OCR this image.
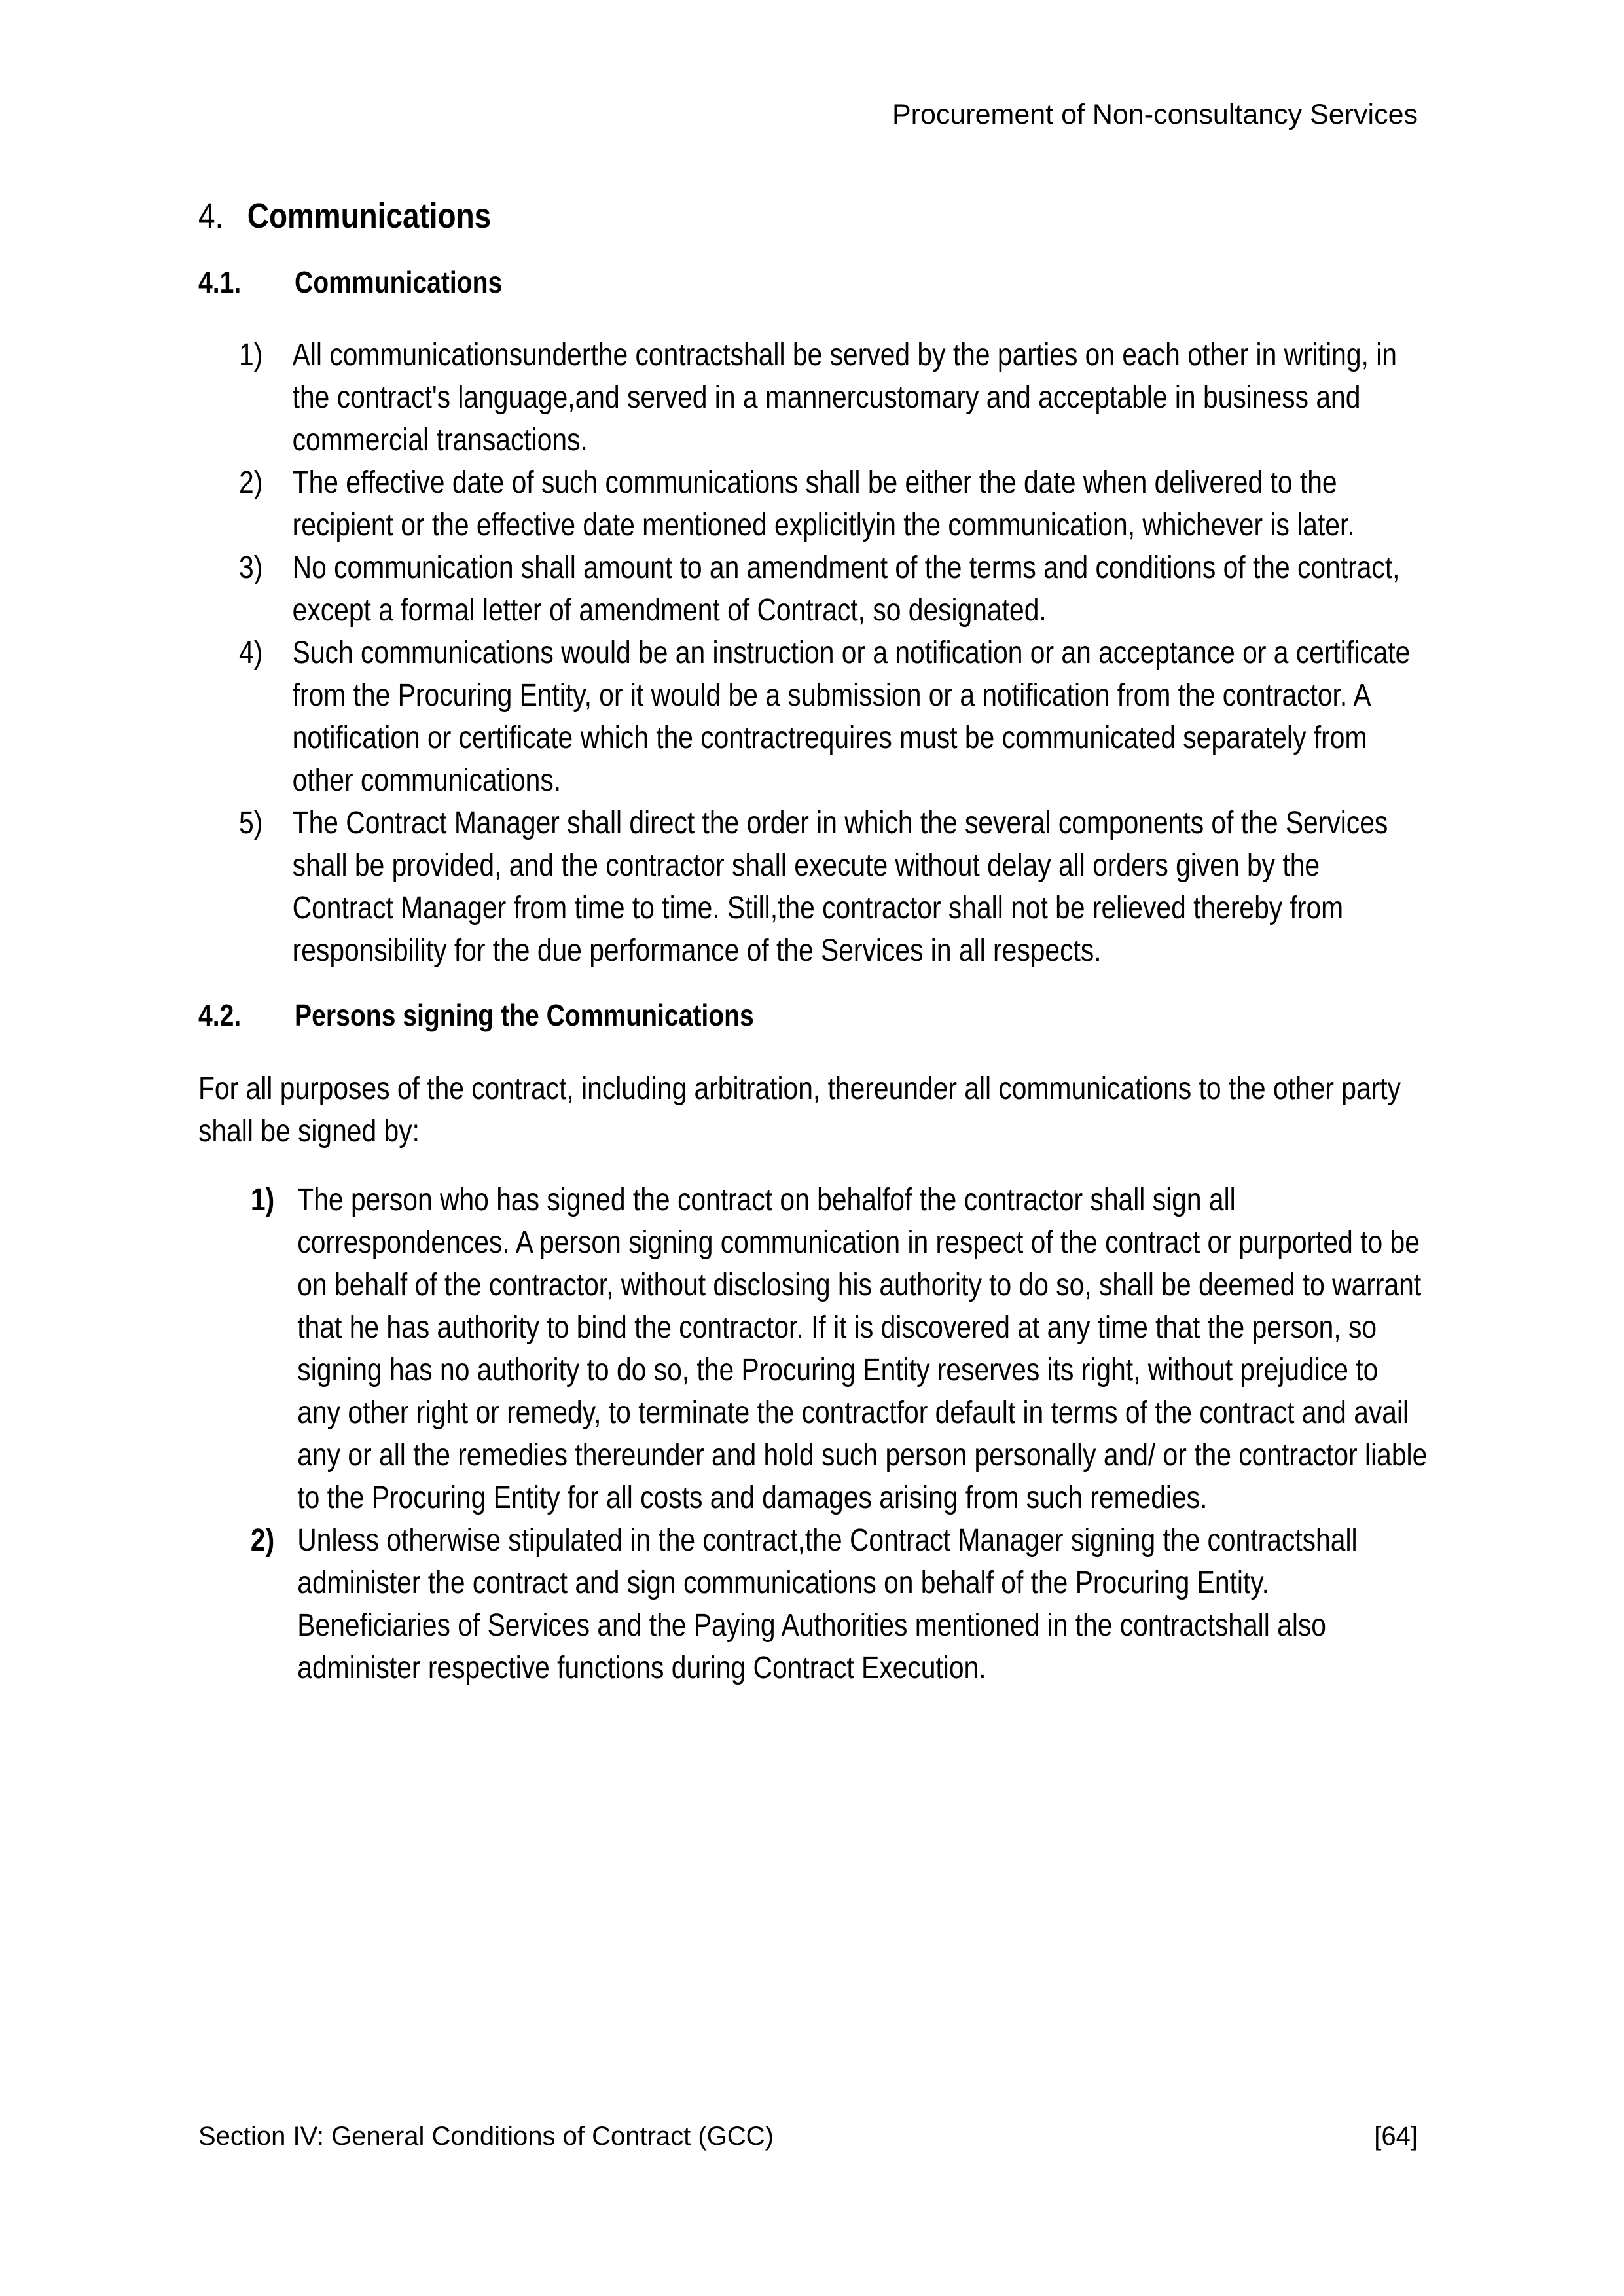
Procurement of Non-consultancy Services
4. Communications
4.1.	Communications
1) All communicationsunderthe contractshall be served by the parties on each other in writing, in the contract's language,and served in a mannercustomary and acceptable in business and commercial transactions.
2) The effective date of such communications shall be either the date when delivered to the recipient or the effective date mentioned explicitlyin the communication, whichever is later.
3) No communication shall amount to an amendment of the terms and conditions of the contract, except a formal letter of amendment of Contract, so designated.
4) Such communications would be an instruction or a notification or an acceptance or a certificate from the Procuring Entity, or it would be a submission or a notification from the contractor. A notification or certificate which the contractrequires must be communicated separately from other communications.
5) The Contract Manager shall direct the order in which the several components of the Services shall be provided, and the contractor shall execute without delay all orders given by the Contract Manager from time to time. Still,the contractor shall not be relieved thereby from responsibility for the due performance of the Services in all respects.
4.2.	Persons signing the Communications
For all purposes of the contract, including arbitration, thereunder all communications to the other party shall be signed by:
1) The person who has signed the contract on behalfof the contractor shall sign all correspondences. A person signing communication in respect of the contract or purported to be on behalf of the contractor, without disclosing his authority to do so, shall be deemed to warrant that he has authority to bind the contractor. If it is discovered at any time that the person, so signing has no authority to do so, the Procuring Entity reserves its right, without prejudice to any other right or remedy, to terminate the contractfor default in terms of the contract and avail any or all the remedies thereunder and hold such person personally and/ or the contractor liable to the Procuring Entity for all costs and damages arising from such remedies.
2) Unless otherwise stipulated in the contract,the Contract Manager signing the contractshall administer the contract and sign communications on behalf of the Procuring Entity. Beneficiaries of Services and the Paying Authorities mentioned in the contractshall also administer respective functions during Contract Execution.
Section IV: General Conditions of Contract (GCC)	[64]
